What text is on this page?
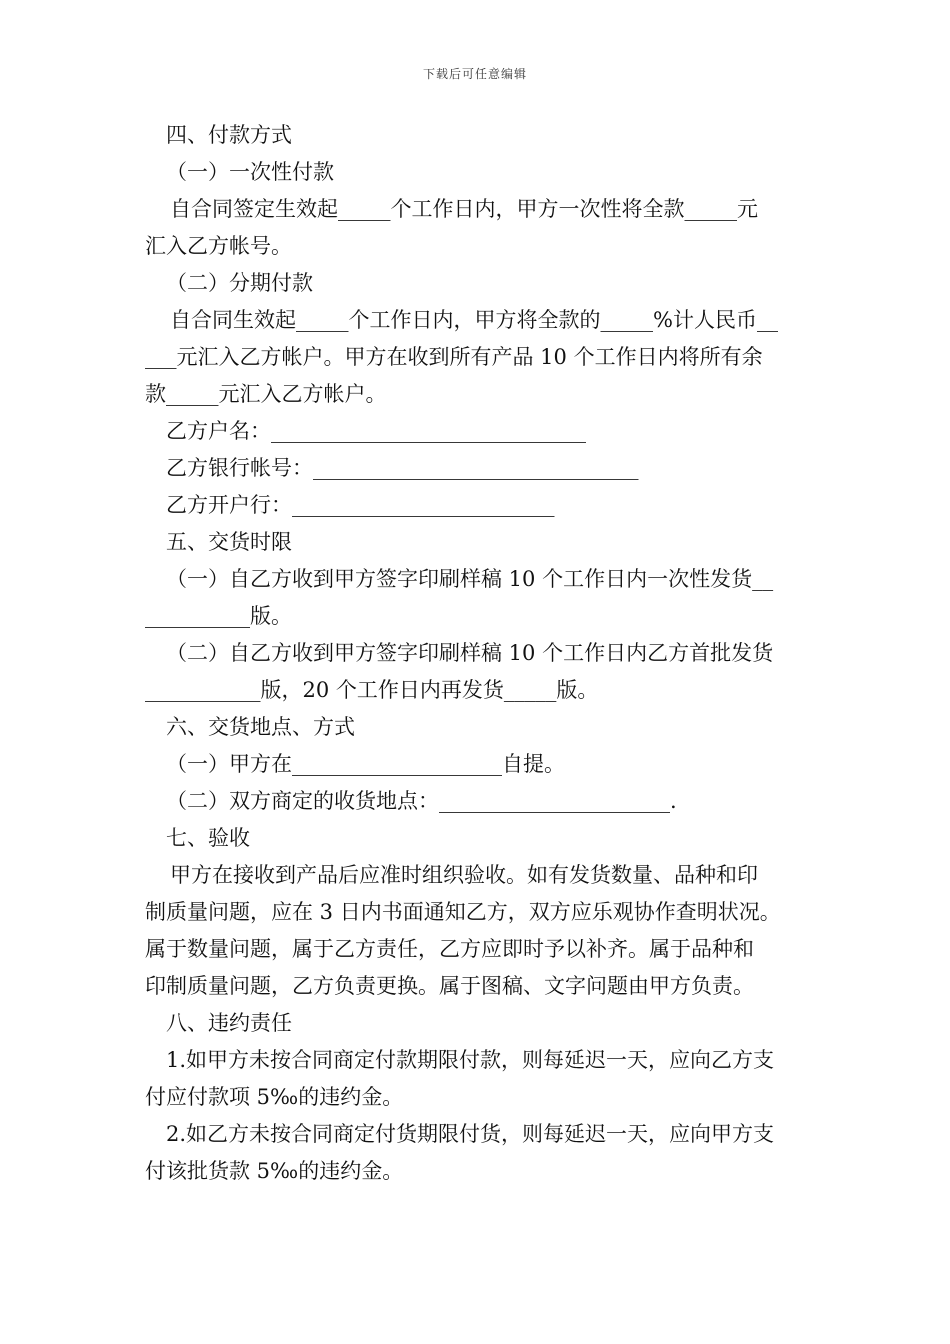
下载后可任意编辑
四、付款方式
（一）一次性付款
自合同签定生效起_____个工作日内，甲方一次性将全款_____元
汇入乙方帐号。
（二）分期付款
自合同生效起_____个工作日内，甲方将全款的_____%计人民币__
___元汇入乙方帐户。甲方在收到所有产品 10 个工作日内将所有余
款_____元汇入乙方帐户。
乙方户名：______________________________
乙方银行帐号：_______________________________
乙方开户行：_________________________
五、交货时限
（一）自乙方收到甲方签字印刷样稿 10 个工作日内一次性发货__
__________版。
（二）自乙方收到甲方签字印刷样稿 10 个工作日内乙方首批发货
___________版，20 个工作日内再发货_____版。
六、交货地点、方式
（一）甲方在____________________自提。
（二）双方商定的收货地点：______________________.
七、验收
甲方在接收到产品后应准时组织验收。如有发货数量、品种和印
制质量问题，应在 3 日内书面通知乙方，双方应乐观协作查明状况。
属于数量问题，属于乙方责任，乙方应即时予以补齐。属于品种和
印制质量问题，乙方负责更换。属于图稿、文字问题由甲方负责。
八、违约责任
1.如甲方未按合同商定付款期限付款，则每延迟一天，应向乙方支
付应付款项 5‰的违约金。
2.如乙方未按合同商定付货期限付货，则每延迟一天，应向甲方支
付该批货款 5‰的违约金。
